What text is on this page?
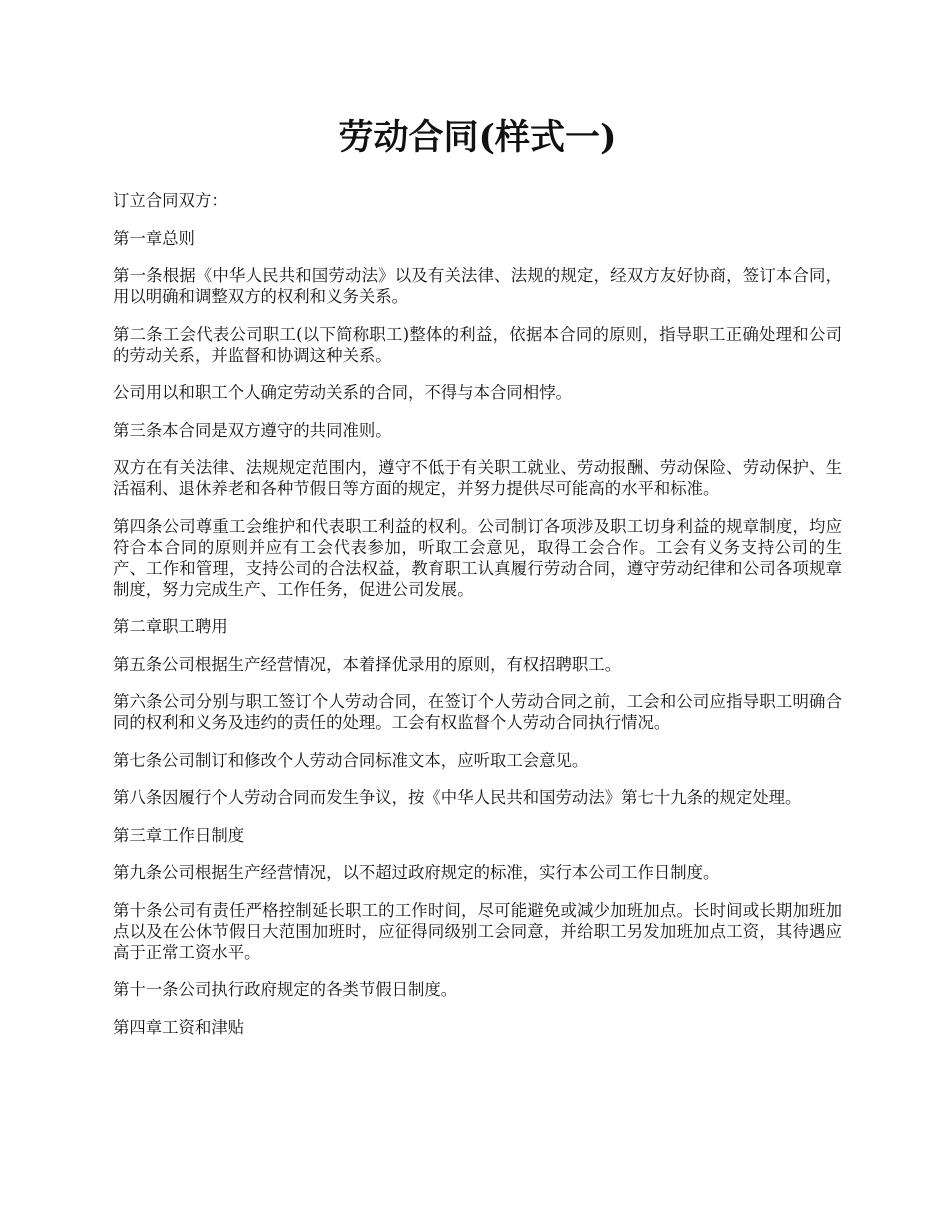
劳动合同(样式一)

订立合同双方：

第一章总则

第一条根据《中华人民共和国劳动法》以及有关法律、法规的规定，经双方友好协商，签订本合同，用以明确和调整双方的权利和义务关系。

第二条工会代表公司职工(以下简称职工)整体的利益，依据本合同的原则，指导职工正确处理和公司的劳动关系，并监督和协调这种关系。

公司用以和职工个人确定劳动关系的合同，不得与本合同相悖。

第三条本合同是双方遵守的共同准则。

双方在有关法律、法规规定范围内，遵守不低于有关职工就业、劳动报酬、劳动保险、劳动保护、生活福利、退休养老和各种节假日等方面的规定，并努力提供尽可能高的水平和标准。

第四条公司尊重工会维护和代表职工利益的权利。公司制订各项涉及职工切身利益的规章制度，均应符合本合同的原则并应有工会代表参加，听取工会意见，取得工会合作。工会有义务支持公司的生产、工作和管理，支持公司的合法权益，教育职工认真履行劳动合同，遵守劳动纪律和公司各项规章制度，努力完成生产、工作任务，促进公司发展。

第二章职工聘用

第五条公司根据生产经营情况，本着择优录用的原则，有权招聘职工。

第六条公司分别与职工签订个人劳动合同，在签订个人劳动合同之前，工会和公司应指导职工明确合同的权利和义务及违约的责任的处理。工会有权监督个人劳动合同执行情况。

第七条公司制订和修改个人劳动合同标准文本，应听取工会意见。

第八条因履行个人劳动合同而发生争议，按《中华人民共和国劳动法》第七十九条的规定处理。

第三章工作日制度

第九条公司根据生产经营情况，以不超过政府规定的标准，实行本公司工作日制度。

第十条公司有责任严格控制延长职工的工作时间，尽可能避免或减少加班加点。长时间或长期加班加点以及在公休节假日大范围加班时，应征得同级别工会同意，并给职工另发加班加点工资，其待遇应高于正常工资水平。

第十一条公司执行政府规定的各类节假日制度。

第四章工资和津贴
